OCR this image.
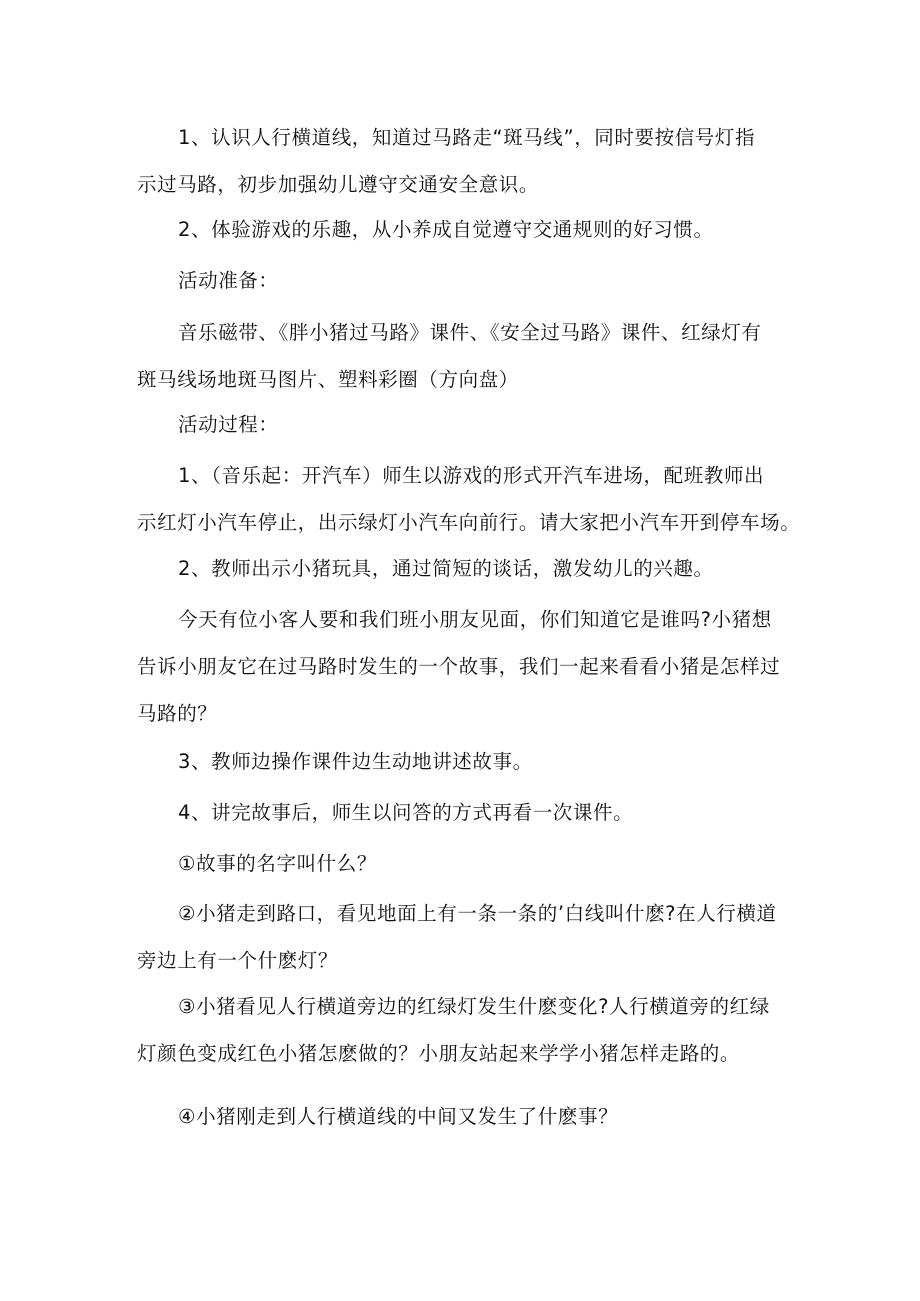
1、认识人行横道线，知道过马路走“斑马线”，同时要按信号灯指
示过马路，初步加强幼儿遵守交通安全意识。

2、体验游戏的乐趣，从小养成自觉遵守交通规则的好习惯。

活动准备：

音乐磁带、《胖小猪过马路》课件、《安全过马路》课件、红绿灯有
斑马线场地斑马图片、塑料彩圈（方向盘）

活动过程：

1、（音乐起：开汽车）师生以游戏的形式开汽车进场，配班教师出
示红灯小汽车停止，出示绿灯小汽车向前行。请大家把小汽车开到停车场。

2、教师出示小猪玩具，通过简短的谈话，激发幼儿的兴趣。

今天有位小客人要和我们班小朋友见面，你们知道它是谁吗?小猪想
告诉小朋友它在过马路时发生的一个故事，我们一起来看看小猪是怎样过
马路的？

3、教师边操作课件边生动地讲述故事。

4、讲完故事后，师生以问答的方式再看一次课件。

①故事的名字叫什么？

②小猪走到路口，看见地面上有一条一条的’白线叫什麽?在人行横道
旁边上有一个什麽灯？

③小猪看见人行横道旁边的红绿灯发生什麽变化?人行横道旁的红绿
灯颜色变成红色小猪怎麽做的？小朋友站起来学学小猪怎样走路的。

④小猪刚走到人行横道线的中间又发生了什麽事？
